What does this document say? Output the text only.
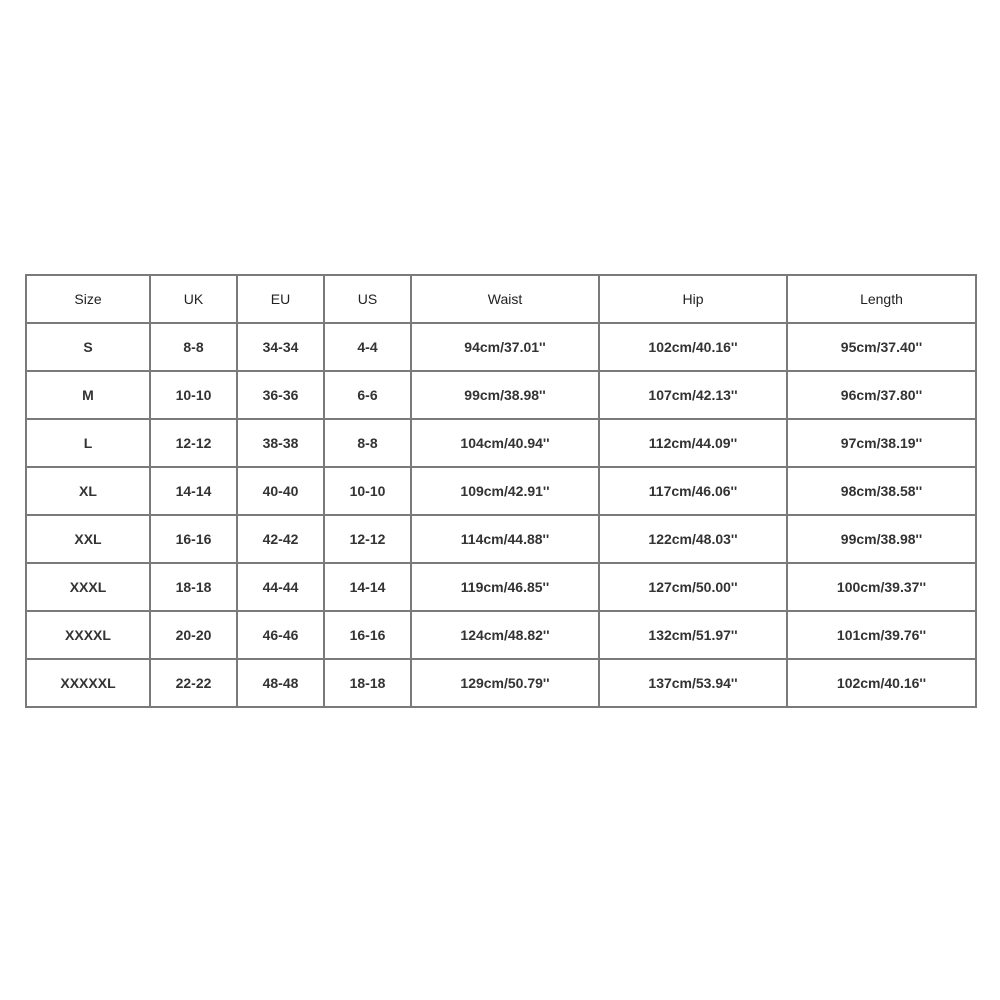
Size	UK	EU	US	Waist	Hip	Length
S	8-8	34-34	4-4	94cm/37.01''	102cm/40.16''	95cm/37.40''
M	10-10	36-36	6-6	99cm/38.98''	107cm/42.13''	96cm/37.80''
L	12-12	38-38	8-8	104cm/40.94''	112cm/44.09''	97cm/38.19''
XL	14-14	40-40	10-10	109cm/42.91''	117cm/46.06''	98cm/38.58''
XXL	16-16	42-42	12-12	114cm/44.88''	122cm/48.03''	99cm/38.98''
XXXL	18-18	44-44	14-14	119cm/46.85''	127cm/50.00''	100cm/39.37''
XXXXL	20-20	46-46	16-16	124cm/48.82''	132cm/51.97''	101cm/39.76''
XXXXXL	22-22	48-48	18-18	129cm/50.79''	137cm/53.94''	102cm/40.16''
